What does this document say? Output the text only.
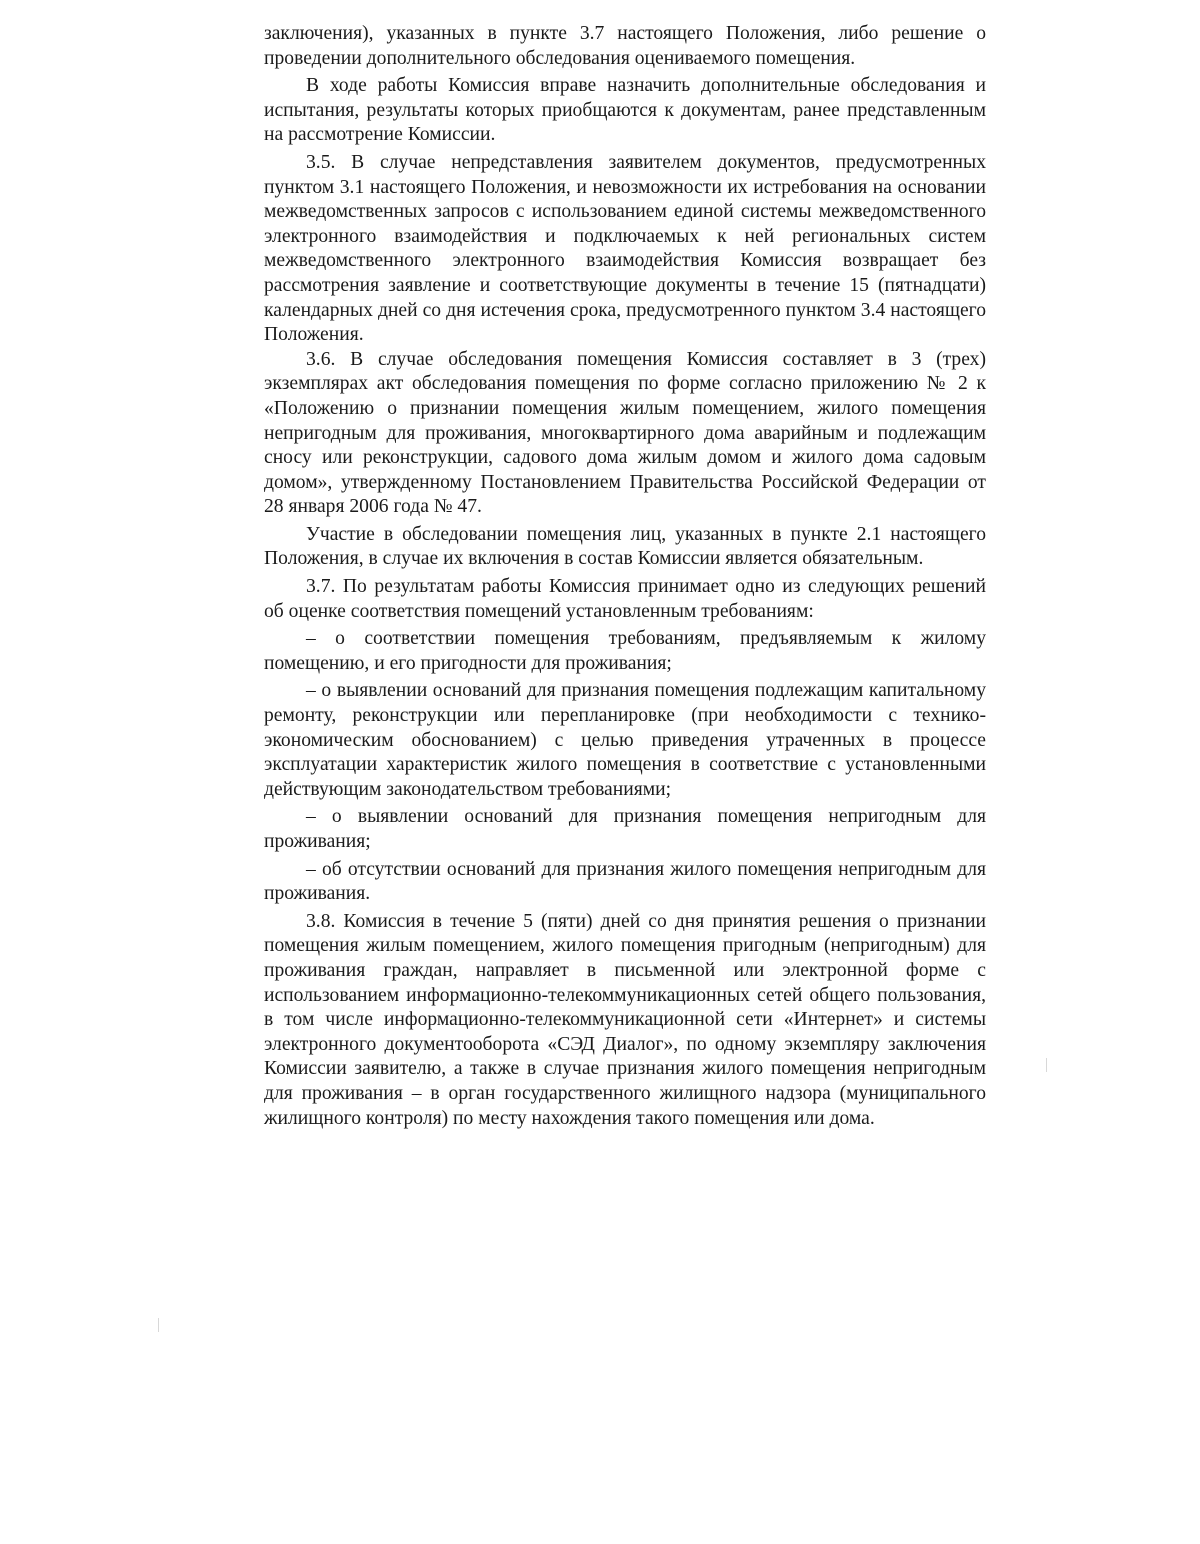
заключения), указанных в пункте 3.7 настоящего Положения, либо решение о проведении дополнительного обследования оцениваемого помещения.

В ходе работы Комиссия вправе назначить дополнительные обследования и испытания, результаты которых приобщаются к документам, ранее представленным на рассмотрение Комиссии.

3.5. В случае непредставления заявителем документов, предусмотренных пунктом 3.1 настоящего Положения, и невозможности их истребования на основании межведомственных запросов с использованием единой системы межведомственного электронного взаимодействия и подключаемых к ней региональных систем межведомственного электронного взаимодействия Комиссия возвращает без рассмотрения заявление и соответствующие документы в течение 15 (пятнадцати) календарных дней со дня истечения срока, предусмотренного пунктом 3.4 настоящего Положения.

3.6. В случае обследования помещения Комиссия составляет в 3 (трех) экземплярах акт обследования помещения по форме согласно приложению № 2 к «Положению о признании помещения жилым помещением, жилого помещения непригодным для проживания, многоквартирного дома аварийным и подлежащим сносу или реконструкции, садового дома жилым домом и жилого дома садовым домом», утвержденному Постановлением Правительства Российской Федерации от 28 января 2006 года № 47.

Участие в обследовании помещения лиц, указанных в пункте 2.1 настоящего Положения, в случае их включения в состав Комиссии является обязательным.

3.7. По результатам работы Комиссия принимает одно из следующих решений об оценке соответствия помещений установленным требованиям:

– о соответствии помещения требованиям, предъявляемым к жилому помещению, и его пригодности для проживания;

– о выявлении оснований для признания помещения подлежащим капитальному ремонту, реконструкции или перепланировке (при необходимости с технико-экономическим обоснованием) с целью приведения утраченных в процессе эксплуатации характеристик жилого помещения в соответствие с установленными действующим законодательством требованиями;

– о выявлении оснований для признания помещения непригодным для проживания;

– об отсутствии оснований для признания жилого помещения непригодным для проживания.

3.8. Комиссия в течение 5 (пяти) дней со дня принятия решения о признании помещения жилым помещением, жилого помещения пригодным (непригодным) для проживания граждан, направляет в письменной или электронной форме с использованием информационно-телекоммуникационных сетей общего пользования, в том числе информационно-телекоммуникационной сети «Интернет» и системы электронного документооборота «СЭД Диалог», по одному экземпляру заключения Комиссии заявителю, а также в случае признания жилого помещения непригодным для проживания – в орган государственного жилищного надзора (муниципального жилищного контроля) по месту нахождения такого помещения или дома.
